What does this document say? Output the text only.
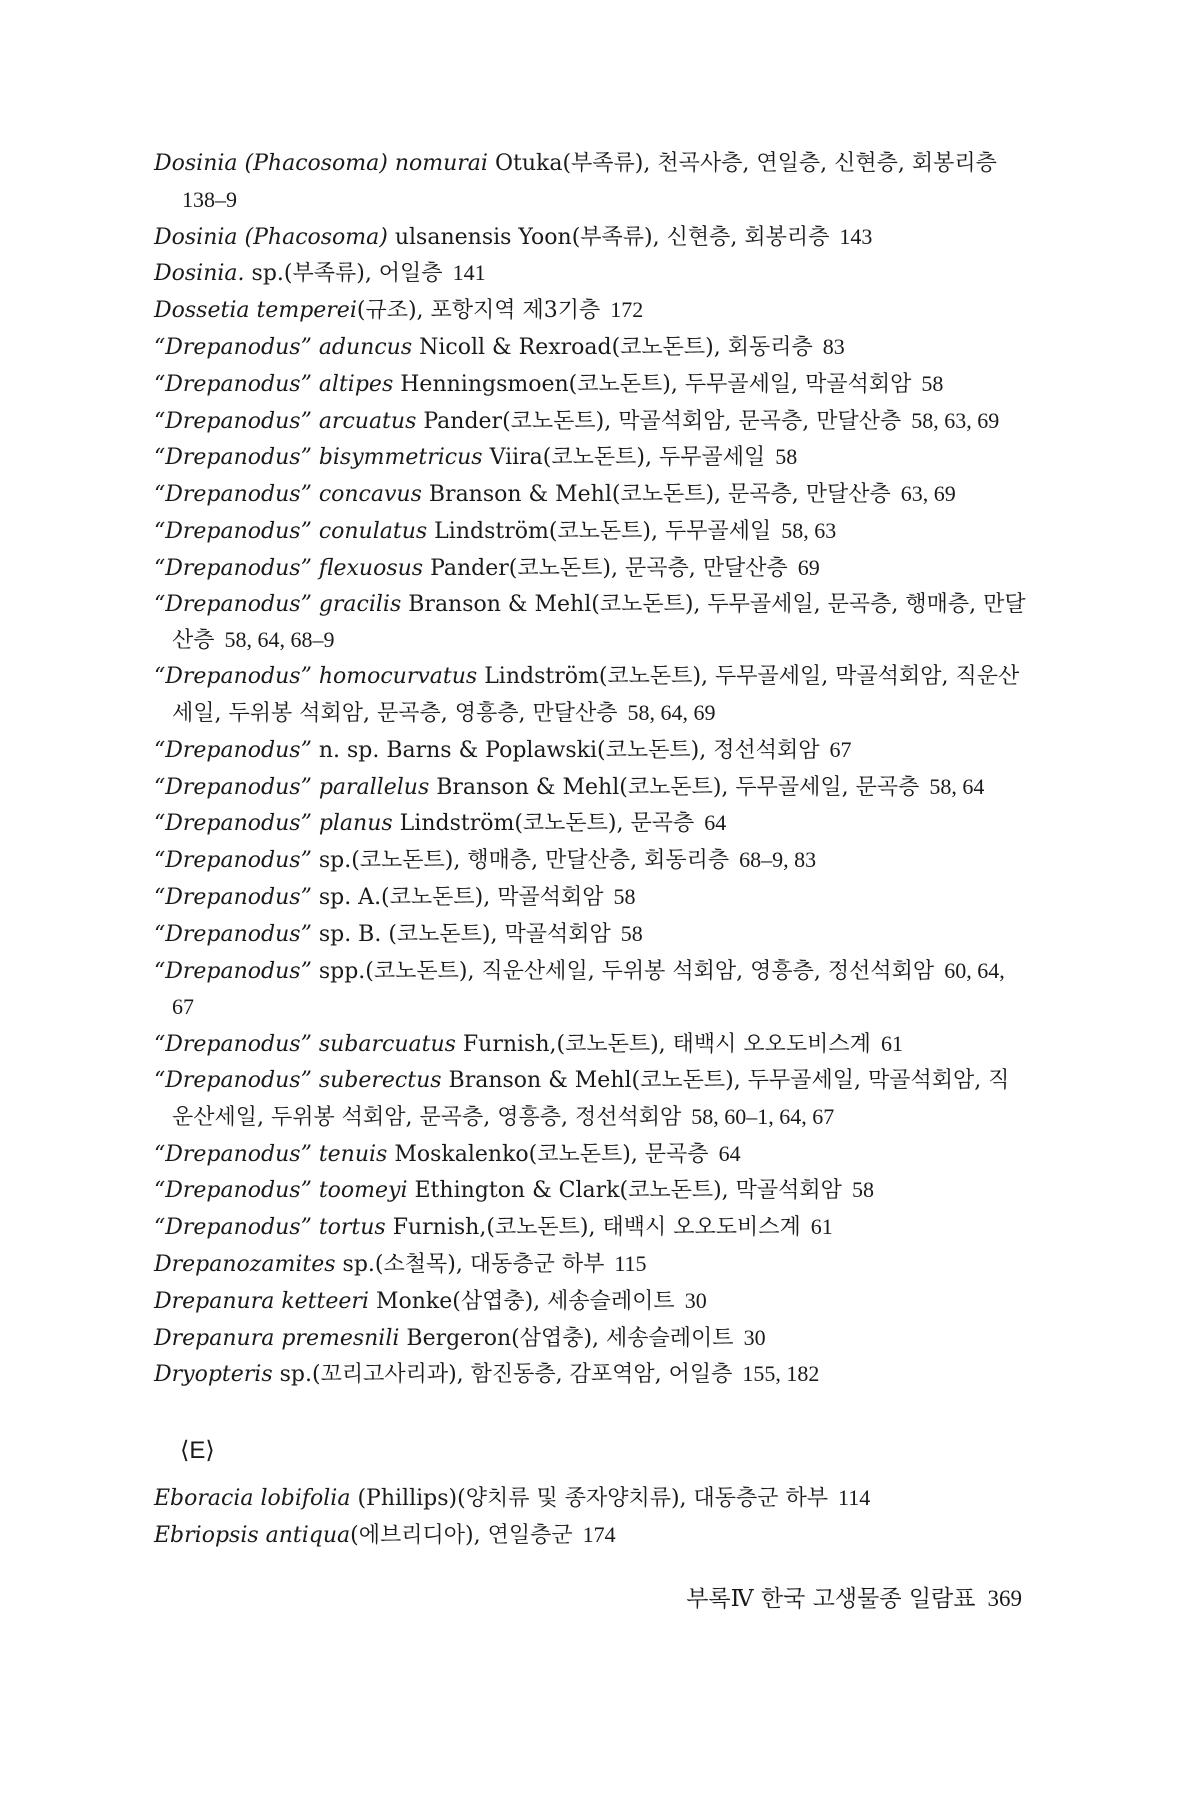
Dosinia (Phacosoma) nomurai Otuka(부족류), 천곡사층, 연일층, 신현층, 회봉리층138–9
Dosinia (Phacosoma) ulsanensis Yoon(부족류), 신현층, 회봉리층 143
Dosinia. sp.(부족류), 어일층 141
Dossetia temperei(규조), 포항지역 제3기층 172
“Drepanodus” aduncus Nicoll & Rexroad(코노돈트), 회동리층 83
“Drepanodus” altipes Henningsmoen(코노돈트), 두무골세일, 막골석회암 58
“Drepanodus” arcuatus Pander(코노돈트), 막골석회암, 문곡층, 만달산층 58, 63, 69
“Drepanodus” bisymmetricus Viira(코노돈트), 두무골세일 58
“Drepanodus” concavus Branson & Mehl(코노돈트), 문곡층, 만달산층 63, 69
“Drepanodus” conulatus Lindström(코노돈트), 두무골세일 58, 63
“Drepanodus” flexuosus Pander(코노돈트), 문곡층, 만달산층 69
“Drepanodus” gracilis Branson & Mehl(코노돈트), 두무골세일, 문곡층, 행매층, 만달산층 58, 64, 68–9
“Drepanodus” homocurvatus Lindström(코노돈트), 두무골세일, 막골석회암, 직운산세일, 두위봉 석회암, 문곡층, 영흥층, 만달산층 58, 64, 69
“Drepanodus” n. sp. Barns & Poplawski(코노돈트), 정선석회암 67
“Drepanodus” parallelus Branson & Mehl(코노돈트), 두무골세일, 문곡층 58, 64
“Drepanodus” planus Lindström(코노돈트), 문곡층 64
“Drepanodus” sp.(코노돈트), 행매층, 만달산층, 회동리층 68–9, 83
“Drepanodus” sp. A.(코노돈트), 막골석회암 58
“Drepanodus” sp. B. (코노돈트), 막골석회암 58
“Drepanodus” spp.(코노돈트), 직운산세일, 두위봉 석회암, 영흥층, 정선석회암 60, 64, 67
“Drepanodus” subarcuatus Furnish,(코노돈트), 태백시 오오도비스계 61
“Drepanodus” suberectus Branson & Mehl(코노돈트), 두무골세일, 막골석회암, 직운산세일, 두위봉 석회암, 문곡층, 영흥층, 정선석회암 58, 60–1, 64, 67
“Drepanodus” tenuis Moskalenko(코노돈트), 문곡층 64
“Drepanodus” toomeyi Ethington & Clark(코노돈트), 막골석회암 58
“Drepanodus” tortus Furnish,(코노돈트), 태백시 오오도비스계 61
Drepanozamites sp.(소철목), 대동층군 하부 115
Drepanura ketteeri Monke(삼엽충), 세송슬레이트 30
Drepanura premesnili Bergeron(삼엽충), 세송슬레이트 30
Dryopteris sp.(꼬리고사리과), 함진동층, 감포역암, 어일층 155, 182
⟨E⟩
Eboracia lobifolia (Phillips)(양치류 및 종자양치류), 대동층군 하부 114
Ebriopsis antiqua(에브리디아), 연일층군 174
부록Ⅳ 한국 고생물종 일람표 369
